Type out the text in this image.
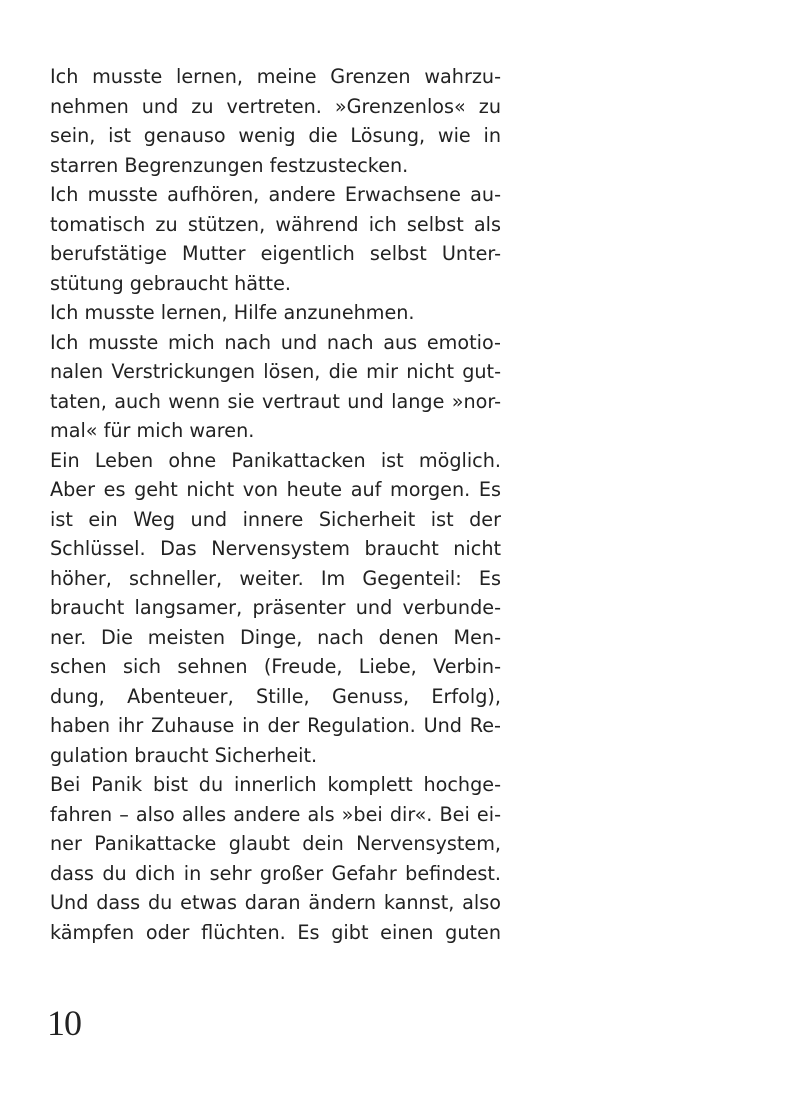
Ich musste lernen, meine Grenzen wahrzu-
nehmen und zu vertreten. »Grenzenlos« zu
sein, ist genauso wenig die Lösung, wie in
starren Begrenzungen festzustecken.
Ich musste aufhören, andere Erwachsene au-
tomatisch zu stützen, während ich selbst als
berufstätige Mutter eigentlich selbst Unter-
stütung gebraucht hätte.
Ich musste lernen, Hilfe anzunehmen.
Ich musste mich nach und nach aus emotio-
nalen Verstrickungen lösen, die mir nicht gut-
taten, auch wenn sie vertraut und lange »nor-
mal« für mich waren.
Ein Leben ohne Panikattacken ist möglich.
Aber es geht nicht von heute auf morgen. Es
ist ein Weg und innere Sicherheit ist der
Schlüssel. Das Nervensystem braucht nicht
höher, schneller, weiter. Im Gegenteil: Es
braucht langsamer, präsenter und verbunde-
ner. Die meisten Dinge, nach denen Men-
schen sich sehnen (Freude, Liebe, Verbin-
dung, Abenteuer, Stille, Genuss, Erfolg),
haben ihr Zuhause in der Regulation. Und Re-
gulation braucht Sicherheit.
Bei Panik bist du innerlich komplett hochge-
fahren – also alles andere als »bei dir«. Bei ei-
ner Panikattacke glaubt dein Nervensystem,
dass du dich in sehr großer Gefahr befindest.
Und dass du etwas daran ändern kannst, also
kämpfen oder flüchten. Es gibt einen guten
10
